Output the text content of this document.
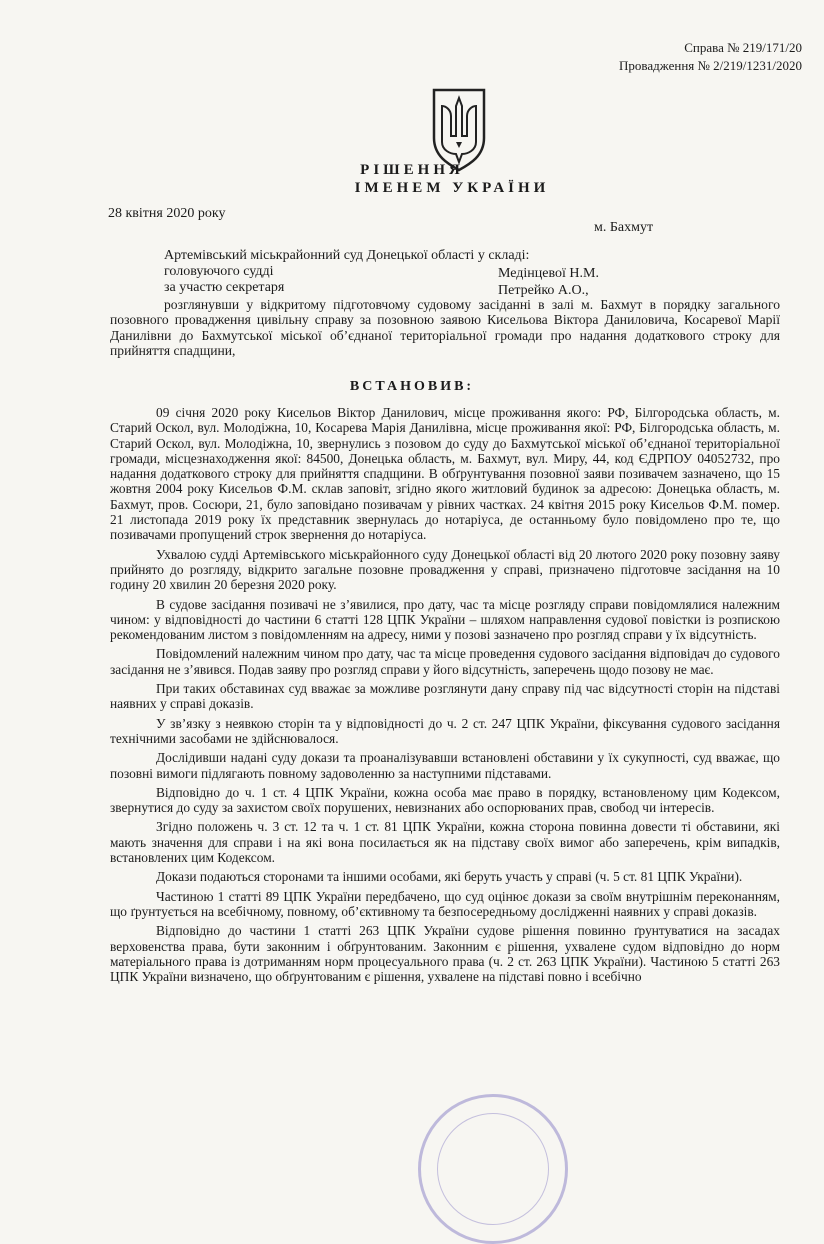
Справа № 219/171/20
Провадження № 2/219/1231/2020
РІШЕННЯ
ІМЕНЕМ УКРАЇНИ
28 квітня 2020 року
м. Бахмут
Артемівський міськрайонний суд Донецької області у складі:
головуючого судді	Медінцевої Н.М.
за участю секретаря	Петрейко А.О.,

розглянувши у відкритому підготовчому судовому засіданні в залі м. Бахмут в порядку загального позовного провадження цивільну справу за позовною заявою Кисельова Віктора Даниловича, Косаревої Марії Данилівни до Бахмутської міської об’єднаної територіальної громади про надання додаткового строку для прийняття спадщини,

ВСТАНОВИВ:

09 січня 2020 року Кисельов Віктор Данилович, місце проживання якого: РФ, Білгородська область, м. Старий Оскол, вул. Молодіжна, 10, Косарева Марія Данилівна, місце проживання якої: РФ, Білгородська область, м. Старий Оскол, вул. Молодіжна, 10, звернулись з позовом до суду до Бахмутської міської об’єднаної територіальної громади, місцезнаходження якої: 84500, Донецька область, м. Бахмут, вул. Миру, 44, код ЄДРПОУ 04052732, про надання додаткового строку для прийняття спадщини. В обґрунтування позовної заяви позивачем зазначено, що 15 жовтня 2004 року Кисельов Ф.М. склав заповіт, згідно якого житловий будинок за адресою: Донецька область, м. Бахмут, пров. Сосюри, 21, було заповідано позивачам у рівних частках. 24 квітня 2015 року Кисельов Ф.М. помер. 21 листопада 2019 року їх представник звернулась до нотаріуса, де останньому було повідомлено про те, що позивачами пропущений строк звернення до нотаріуса.

Ухвалою судді Артемівського міськрайонного суду Донецької області від 20 лютого 2020 року позовну заяву прийнято до розгляду, відкрито загальне позовне провадження у справі, призначено підготовче засідання на 10 годину 20 хвилин 20 березня 2020 року.

В судове засідання позивачі не з’явилися, про дату, час та місце розгляду справи повідомлялися належним чином: у відповідності до частини 6 статті 128 ЦПК України – шляхом направлення судової повістки із розпискою рекомендованим листом з повідомленням на адресу, ними у позові зазначено про розгляд справи у їх відсутність.

Повідомлений належним чином про дату, час та місце проведення судового засідання відповідач до судового засідання не з’явився. Подав заяву про розгляд справи у його відсутність, заперечень щодо позову не має.

При таких обставинах суд вважає за можливе розглянути дану справу під час відсутності сторін на підставі наявних у справі доказів.

У зв’язку з неявкою сторін та у відповідності до ч. 2 ст. 247 ЦПК України, фіксування судового засідання технічними засобами не здійснювалося.

Дослідивши надані суду докази та проаналізувавши встановлені обставини у їх сукупності, суд вважає, що позовні вимоги підлягають повному задоволенню за наступними підставами.

Відповідно до ч. 1 ст. 4 ЦПК України, кожна особа має право в порядку, встановленому цим Кодексом, звернутися до суду за захистом своїх порушених, невизнаних або оспорюваних прав, свобод чи інтересів.

Згідно положень ч. 3 ст. 12 та ч. 1 ст. 81 ЦПК України, кожна сторона повинна довести ті обставини, які мають значення для справи і на які вона посилається як на підставу своїх вимог або заперечень, крім випадків, встановлених цим Кодексом.

Докази подаються сторонами та іншими особами, які беруть участь у справі (ч. 5 ст. 81 ЦПК України).

Частиною 1 статті 89 ЦПК України передбачено, що суд оцінює докази за своїм внутрішнім переконанням, що ґрунтується на всебічному, повному, об’єктивному та безпосередньому дослідженні наявних у справі доказів.

Відповідно до частини 1 статті 263 ЦПК України судове рішення повинно ґрунтуватися на засадах верховенства права, бути законним і обґрунтованим. Законним є рішення, ухвалене судом відповідно до норм матеріального права із дотриманням норм процесуального права (ч. 2 ст. 263 ЦПК України). Частиною 5 статті 263 ЦПК України визначено, що обґрунтованим є рішення, ухвалене на підставі повно і всебічно
